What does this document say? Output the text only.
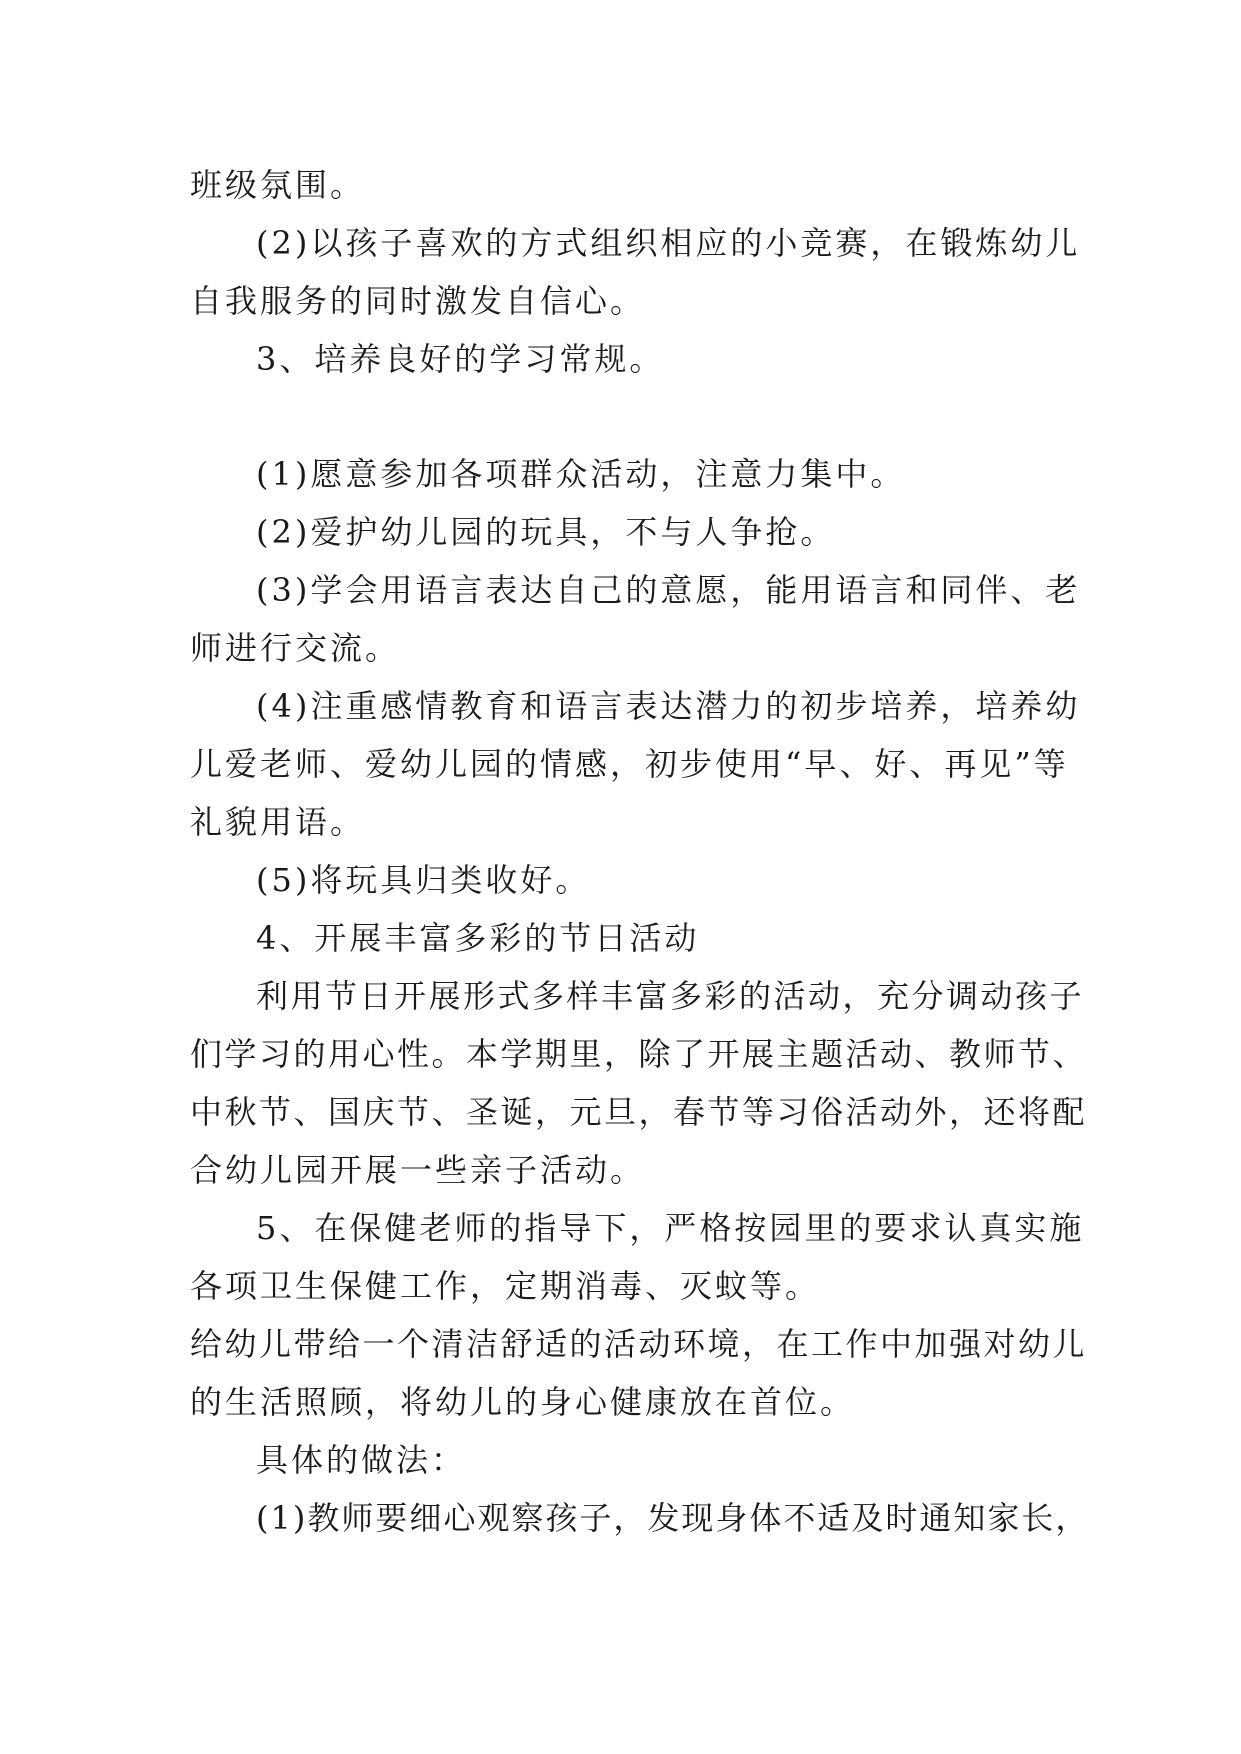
班级氛围。
(2)以孩子喜欢的方式组织相应的小竞赛，在锻炼幼儿
自我服务的同时激发自信心。
3、培养良好的学习常规。
(1)愿意参加各项群众活动，注意力集中。
(2)爱护幼儿园的玩具，不与人争抢。
(3)学会用语言表达自己的意愿，能用语言和同伴、老
师进行交流。
(4)注重感情教育和语言表达潜力的初步培养，培养幼
儿爱老师、爱幼儿园的情感，初步使用“早、好、再见”等
礼貌用语。
(5)将玩具归类收好。
4、开展丰富多彩的节日活动
利用节日开展形式多样丰富多彩的活动，充分调动孩子
们学习的用心性。本学期里，除了开展主题活动、教师节、
中秋节、国庆节、圣诞，元旦，春节等习俗活动外，还将配
合幼儿园开展一些亲子活动。
5、在保健老师的指导下，严格按园里的要求认真实施
各项卫生保健工作，定期消毒、灭蚊等。
给幼儿带给一个清洁舒适的活动环境，在工作中加强对幼儿
的生活照顾，将幼儿的身心健康放在首位。
具体的做法：
(1)教师要细心观察孩子，发现身体不适及时通知家长，
